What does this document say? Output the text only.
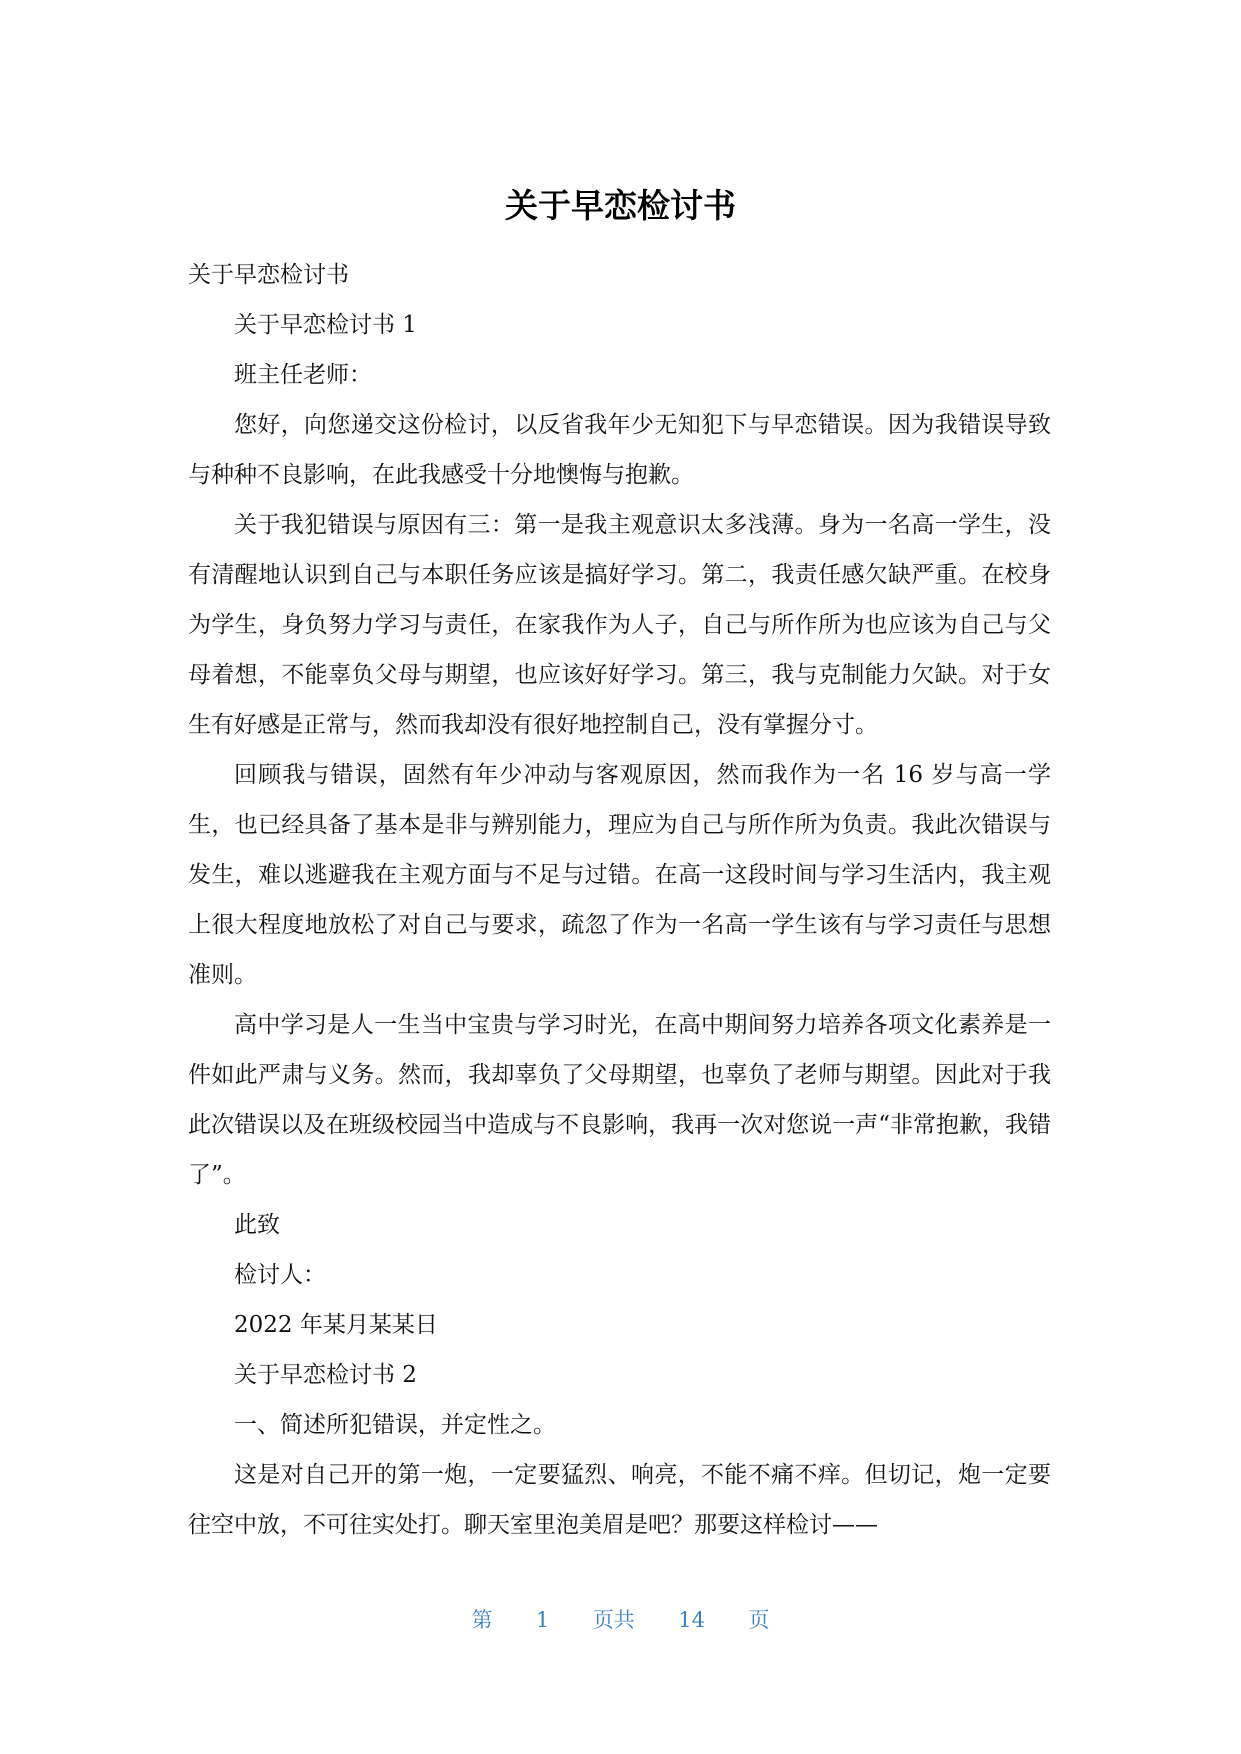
关于早恋检讨书

关于早恋检讨书

关于早恋检讨书 1

班主任老师：

您好，向您递交这份检讨，以反省我年少无知犯下与早恋错误。因为我错误导致与种种不良影响，在此我感受十分地懊悔与抱歉。

关于我犯错误与原因有三：第一是我主观意识太多浅薄。身为一名高一学生，没有清醒地认识到自己与本职任务应该是搞好学习。第二，我责任感欠缺严重。在校身为学生，身负努力学习与责任，在家我作为人子，自己与所作所为也应该为自己与父母着想，不能辜负父母与期望，也应该好好学习。第三，我与克制能力欠缺。对于女生有好感是正常与，然而我却没有很好地控制自己，没有掌握分寸。

回顾我与错误，固然有年少冲动与客观原因，然而我作为一名 16 岁与高一学生，也已经具备了基本是非与辨别能力，理应为自己与所作所为负责。我此次错误与发生，难以逃避我在主观方面与不足与过错。在高一这段时间与学习生活内，我主观上很大程度地放松了对自己与要求，疏忽了作为一名高一学生该有与学习责任与思想准则。

高中学习是人一生当中宝贵与学习时光，在高中期间努力培养各项文化素养是一件如此严肃与义务。然而，我却辜负了父母期望，也辜负了老师与期望。因此对于我此次错误以及在班级校园当中造成与不良影响，我再一次对您说一声“非常抱歉，我错了”。

此致

检讨人：

2022 年某月某某日

关于早恋检讨书 2

一、简述所犯错误，并定性之。

这是对自己开的第一炮，一定要猛烈、响亮，不能不痛不痒。但切记，炮一定要往空中放，不可往实处打。聊天室里泡美眉是吧？那要这样检讨——

第 1 页共 14 页
